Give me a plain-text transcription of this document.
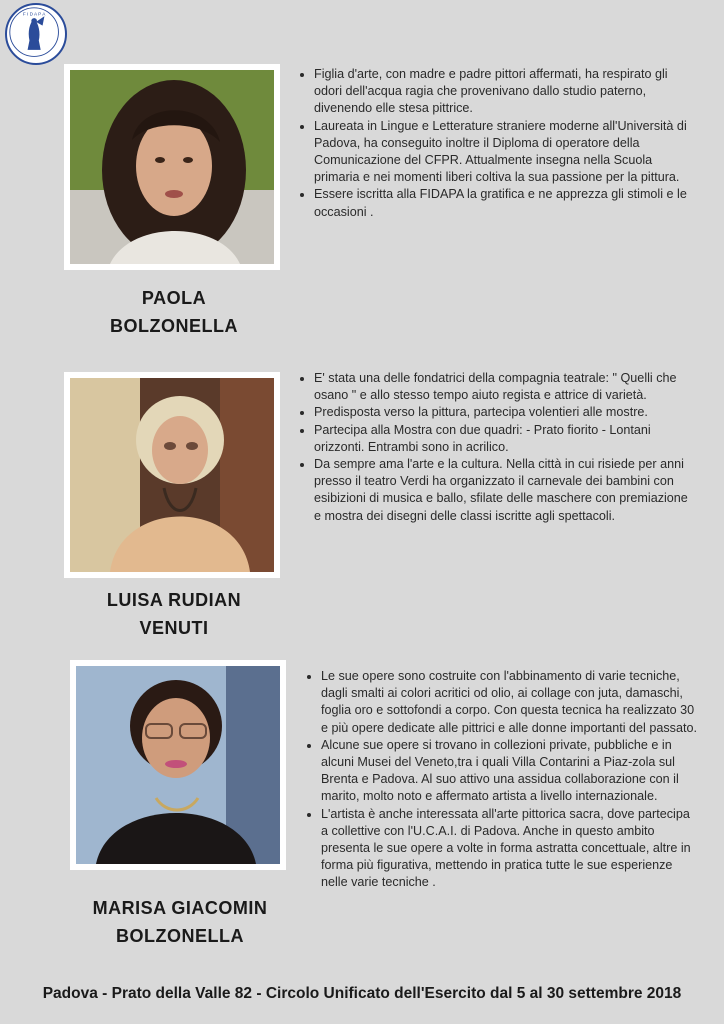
F I D A P A
PAOLA
BOLZONELLA
• Figlia d'arte, con madre e padre pittori affermati, ha respirato gli odori dell'acqua ragia che provenivano dallo studio paterno, divenendo elle stesa pittrice.
• Laureata in Lingue e Letterature straniere moderne all'Università di Padova, ha conseguito inoltre il Diploma di operatore della Comunicazione del CFPR. Attualmente insegna nella Scuola primaria e nei momenti liberi coltiva la sua passione per la pittura.
• Essere iscritta alla FIDAPA la gratifica e ne apprezza gli stimoli e le occasioni .
LUISA RUDIAN
VENUTI
• E' stata una delle fondatrici della compagnia teatrale: " Quelli che osano " e allo stesso tempo aiuto regista e attrice di varietà.
• Predisposta verso la pittura, partecipa volentieri alle mostre.
• Partecipa alla Mostra con due quadri: - Prato fiorito - Lontani orizzonti. Entrambi sono in acrilico.
• Da sempre ama l'arte e la cultura. Nella città in cui risiede per anni presso il teatro Verdi ha organizzato il carnevale dei bambini con esibizioni di musica e ballo, sfilate delle maschere con premiazione e mostra dei disegni delle classi iscritte agli spettacoli.
MARISA GIACOMIN
BOLZONELLA
• Le sue opere sono costruite con l'abbinamento di varie tecniche, dagli smalti ai colori acritici od olio, ai collage con juta, damaschi, foglia oro e sottofondi a corpo. Con questa tecnica ha realizzato 30 e più opere dedicate alle pittrici e alle donne importanti del passato.
• Alcune sue opere si trovano in collezioni private, pubbliche e in alcuni Musei del Veneto,tra i quali Villa Contarini a Piaz-zola sul Brenta e Padova. Al suo attivo una assidua collaborazione con il marito, molto noto e affermato artista a livello internazionale.
• L'artista è anche interessata all'arte pittorica sacra, dove partecipa a collettive con l'U.C.A.I. di Padova. Anche in questo ambito presenta le sue opere a volte in forma astratta concettuale, altre in forma più figurativa, mettendo in pratica tutte le sue esperienze nelle varie tecniche .
Padova - Prato della Valle 82 - Circolo Unificato dell'Esercito dal 5 al 30 settembre 2018
